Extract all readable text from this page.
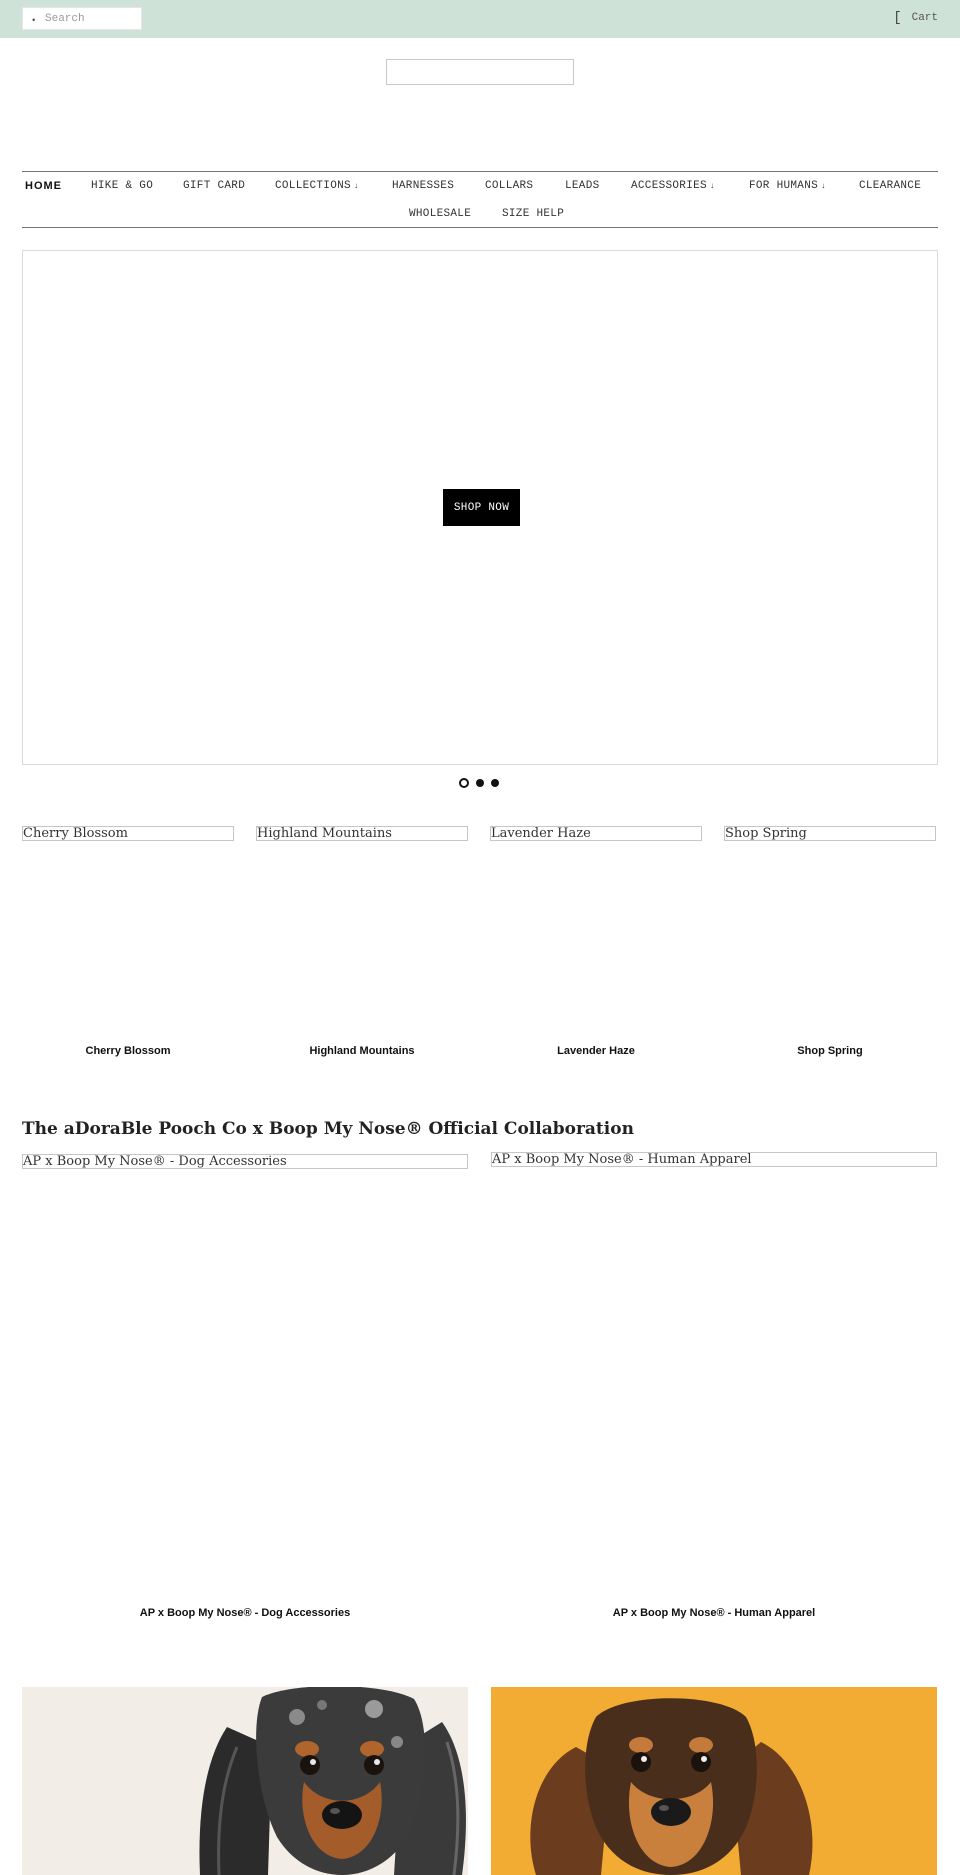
•
Search	[ Cart
HOME	HIKE & GO	GIFT CARD	COLLECTIONS ↓	HARNESSES	COLLARS	LEADS	ACCESSORIES ↓	FOR HUMANS ↓	CLEARANCE
WHOLESALE	SIZE HELP
SHOP NOW
Cherry Blossom
Cherry Blossom
Highland Mountains
Highland Mountains
Lavender Haze
Lavender Haze
Shop Spring
Shop Spring
The aDoraBle Pooch Co x Boop My Nose® Official Collaboration
AP x Boop My Nose® - Dog Accessories
AP x Boop My Nose® - Dog Accessories
AP x Boop My Nose® - Human Apparel
AP x Boop My Nose® - Human Apparel
